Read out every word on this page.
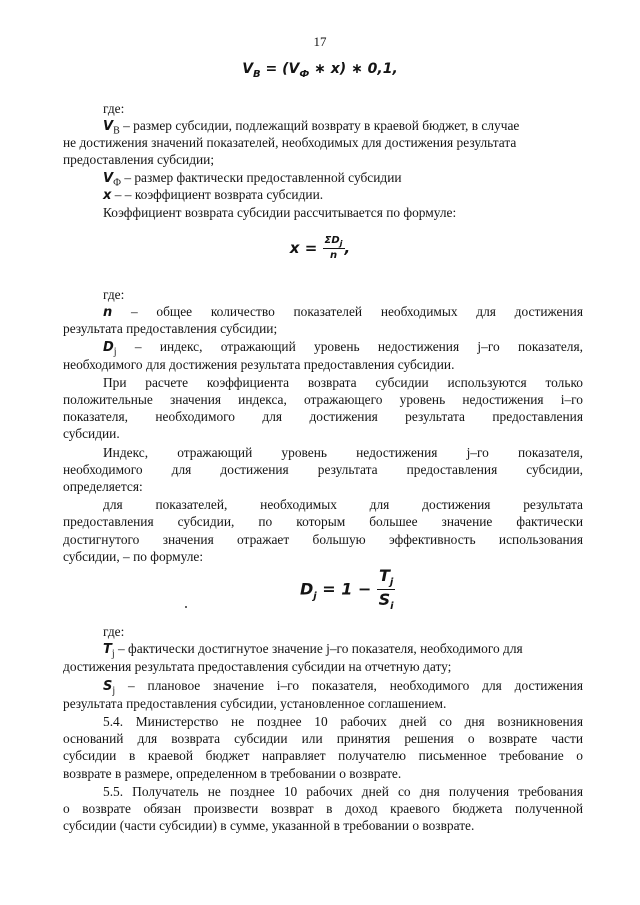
17
$V_В = (V_Ф$ ∗ x) ∗ 0,1,
где:
$V_В$ – размер субсидии, подлежащий возврату в краевой бюджет, в случае
не достижения значений показателей, необходимых для достижения результата
предоставления субсидии;
$V_Ф$ – размер фактически предоставленной субсидии
x – – коэффициент возврата субсидии.
Коэффициент возврата субсидии рассчитывается по формуле:
$x = \frac{\Sigma D_j}{n}$ ,
где:
n – общее количество показателей необходимых для достижения
результата предоставления субсидии;
$D_j$ – индекс, отражающий уровень недостижения j–го показателя,
необходимого для достижения результата предоставления субсидии.
При расчете коэффициента возврата субсидии используются только
положительные значения индекса, отражающего уровень недостижения i–го
показателя, необходимого для достижения результата предоставления
субсидии.
Индекс, отражающий уровень недостижения j–го показателя,
необходимого для достижения результата предоставления субсидии,
определяется:
для показателей, необходимых для достижения результата
предоставления субсидии, по которым большее значение фактически
достигнутого значения отражает большую эффективность использования
субсидии, – по формуле:
$D_j = 1 - \frac{T_j}{S_i}$
где:
$T_j$ – фактически достигнутое значение j–го показателя, необходимого для
достижения результата предоставления субсидии на отчетную дату;
$S_j$ – плановое значение i–го показателя, необходимого для достижения
результата предоставления субсидии, установленное соглашением.
5.4. Министерство не позднее 10 рабочих дней со дня возникновения
оснований для возврата субсидии или принятия решения о возврате части
субсидии в краевой бюджет направляет получателю письменное требование о
возврате в размере, определенном в требовании о возврате.
5.5. Получатель не позднее 10 рабочих дней со дня получения требования
о возврате обязан произвести возврат в доход краевого бюджета полученной
субсидии (части субсидии) в сумме, указанной в требовании о возврате.
